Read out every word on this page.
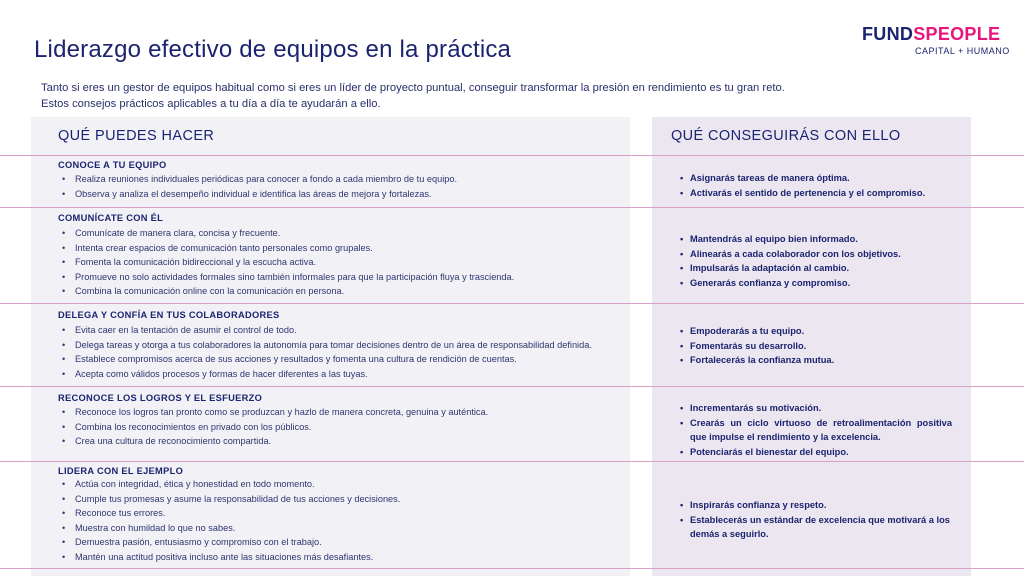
Liderazgo efectivo de equipos en la práctica
FUNDSPEOPLE
CAPITAL + HUMANO
Tanto si eres un gestor de equipos habitual como si eres un líder de proyecto puntual, conseguir transformar la presión en rendimiento es tu gran reto.
Estos consejos prácticos aplicables a tu día a día te ayudarán a ello.
QUÉ PUEDES HACER	QUÉ CONSEGUIRÁS CON ELLO
CONOCE A TU EQUIPO
• Realiza reuniones individuales periódicas para conocer a fondo a cada miembro de tu equipo.
• Observa y analiza el desempeño individual e identifica las áreas de mejora y fortalezas.
• Asignarás tareas de manera óptima.
• Activarás el sentido de pertenencia y el compromiso.
COMUNÍCATE CON ÉL
• Comunícate de manera clara, concisa y frecuente.
• Intenta crear espacios de comunicación tanto personales como grupales.
• Fomenta la comunicación bidireccional y la escucha activa.
• Promueve no solo actividades formales sino también informales para que la participación fluya y trascienda.
• Combina la comunicación online con la comunicación en persona.
• Mantendrás al equipo bien informado.
• Alinearás a cada colaborador con los objetivos.
• Impulsarás la adaptación al cambio.
• Generarás confianza y compromiso.
DELEGA Y CONFÍA EN TUS COLABORADORES
• Evita caer en la tentación de asumir el control de todo.
• Delega tareas y otorga a tus colaboradores la autonomía para tomar decisiones dentro de un área de responsabilidad definida.
• Establece compromisos acerca de sus acciones y resultados y fomenta una cultura de rendición de cuentas.
• Acepta como válidos procesos y formas de hacer diferentes a las tuyas.
• Empoderarás a tu equipo.
• Fomentarás su desarrollo.
• Fortalecerás la confianza mutua.
RECONOCE LOS LOGROS Y EL ESFUERZO
• Reconoce los logros tan pronto como se produzcan y hazlo de manera concreta, genuina y auténtica.
• Combina los reconocimientos en privado con los públicos.
• Crea una cultura de reconocimiento compartida.
• Incrementarás su motivación.
• Crearás un ciclo virtuoso de retroalimentación positiva que impulse el rendimiento y la excelencia.
• Potenciarás el bienestar del equipo.
LIDERA CON EL EJEMPLO
• Actúa con integridad, ética y honestidad en todo momento.
• Cumple tus promesas y asume la responsabilidad de tus acciones y decisiones.
• Reconoce tus errores.
• Muestra con humildad lo que no sabes.
• Demuestra pasión, entusiasmo y compromiso con el trabajo.
• Mantén una actitud positiva incluso ante las situaciones más desafiantes.
• Inspirarás confianza y respeto.
• Establecerás un estándar de excelencia que motivará a los demás a seguirlo.
